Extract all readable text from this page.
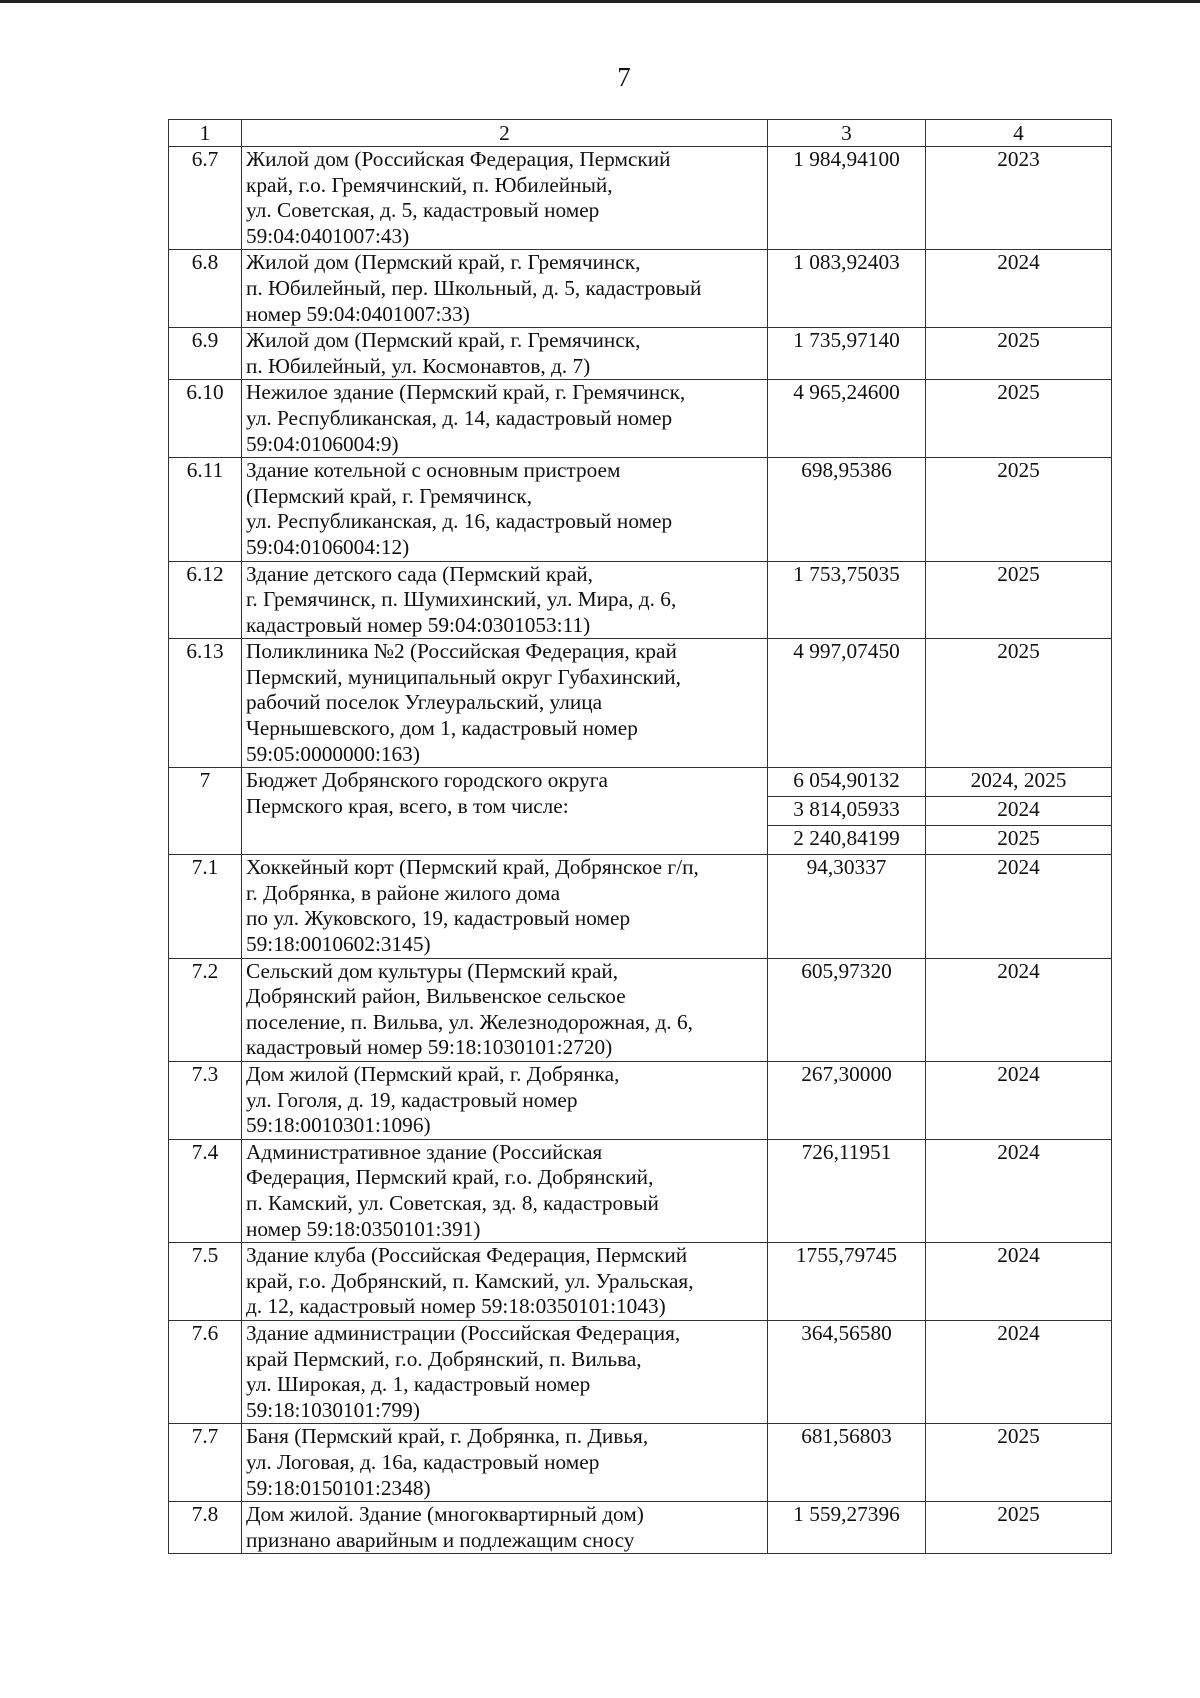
7
1	2	3	4
6.7	Жилой дом (Российская Федерация, Пермский
край, г.о. Гремячинский, п. Юбилейный,
ул. Советская, д. 5, кадастровый номер
59:04:0401007:43)	1 984,94100	2023
6.8	Жилой дом (Пермский край, г. Гремячинск,
п. Юбилейный, пер. Школьный, д. 5, кадастровый
номер 59:04:0401007:33)	1 083,92403	2024
6.9	Жилой дом (Пермский край, г. Гремячинск,
п. Юбилейный, ул. Космонавтов, д. 7)	1 735,97140	2025
6.10	Нежилое здание (Пермский край, г. Гремячинск,
ул. Республиканская, д. 14, кадастровый номер
59:04:0106004:9)	4 965,24600	2025
6.11	Здание котельной с основным пристроем
(Пермский край, г. Гремячинск,
ул. Республиканская, д. 16, кадастровый номер
59:04:0106004:12)	698,95386	2025
6.12	Здание детского сада (Пермский край,
г. Гремячинск, п. Шумихинский, ул. Мира, д. 6,
кадастровый номер 59:04:0301053:11)	1 753,75035	2025
6.13	Поликлиника №2 (Российская Федерация, край
Пермский, муниципальный округ Губахинский,
рабочий поселок Углеуральский, улица
Чернышевского, дом 1, кадастровый номер
59:05:0000000:163)	4 997,07450	2025
7	Бюджет Добрянского городского округа
Пермского края, всего, в том числе:	6 054,90132	2024, 2025
		3 814,05933	2024
		2 240,84199	2025
7.1	Хоккейный корт (Пермский край, Добрянское г/п,
г. Добрянка, в районе жилого дома
по ул. Жуковского, 19, кадастровый номер
59:18:0010602:3145)	94,30337	2024
7.2	Сельский дом культуры (Пермский край,
Добрянский район, Вильвенское сельское
поселение, п. Вильва, ул. Железнодорожная, д. 6,
кадастровый номер 59:18:1030101:2720)	605,97320	2024
7.3	Дом жилой (Пермский край, г. Добрянка,
ул. Гоголя, д. 19, кадастровый номер
59:18:0010301:1096)	267,30000	2024
7.4	Административное здание (Российская
Федерация, Пермский край, г.о. Добрянский,
п. Камский, ул. Советская, зд. 8, кадастровый
номер 59:18:0350101:391)	726,11951	2024
7.5	Здание клуба (Российская Федерация, Пермский
край, г.о. Добрянский, п. Камский, ул. Уральская,
д. 12, кадастровый номер 59:18:0350101:1043)	1755,79745	2024
7.6	Здание администрации (Российская Федерация,
край Пермский, г.о. Добрянский, п. Вильва,
ул. Широкая, д. 1, кадастровый номер
59:18:1030101:799)	364,56580	2024
7.7	Баня (Пермский край, г. Добрянка, п. Дивья,
ул. Логовая, д. 16а, кадастровый номер
59:18:0150101:2348)	681,56803	2025
7.8	Дом жилой. Здание (многоквартирный дом)
признано аварийным и подлежащим сносу	1 559,27396	2025
